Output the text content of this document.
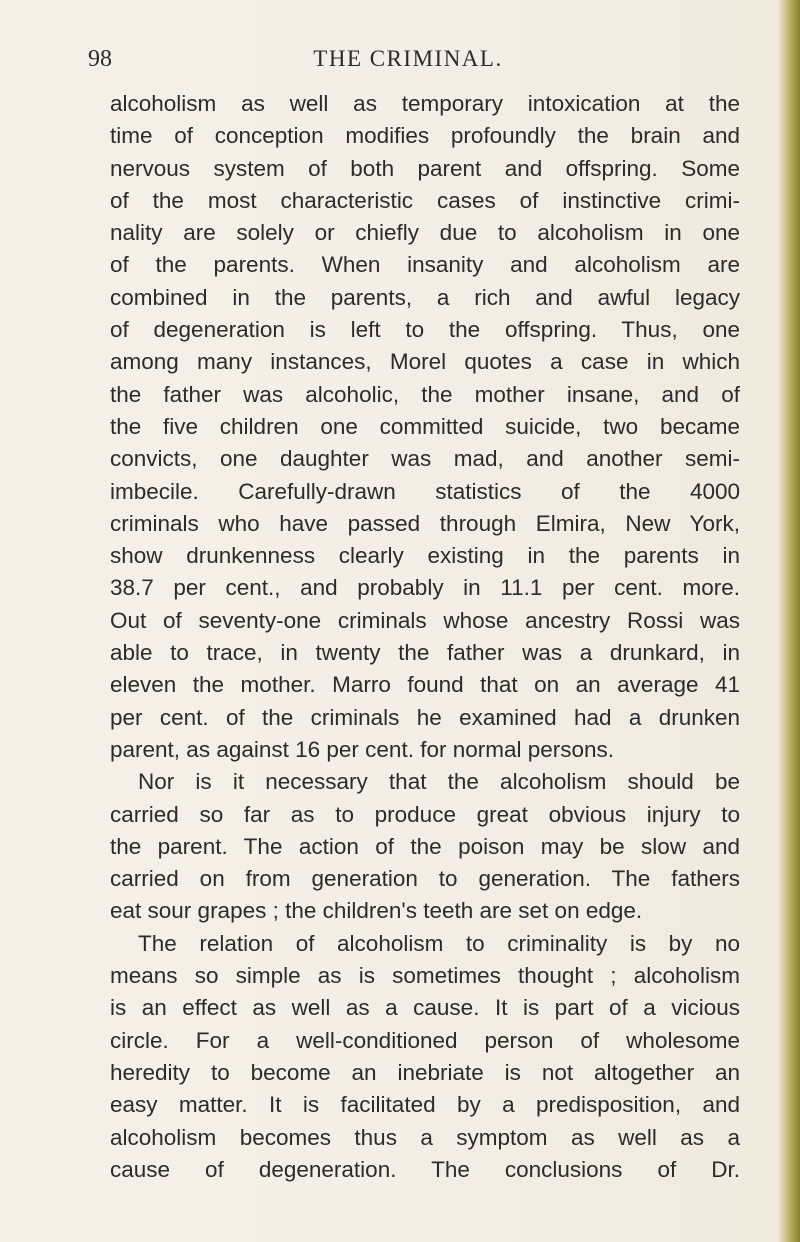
98	THE CRIMINAL.
alcoholism as well as temporary intoxication at the
time of conception modifies profoundly the brain and
nervous system of both parent and offspring. Some
of the most characteristic cases of instinctive crimi-
nality are solely or chiefly due to alcoholism in one
of the parents. When insanity and alcoholism are
combined in the parents, a rich and awful legacy
of degeneration is left to the offspring. Thus, one
among many instances, Morel quotes a case in which
the father was alcoholic, the mother insane, and of
the five children one committed suicide, two became
convicts, one daughter was mad, and another semi-
imbecile. Carefully-drawn statistics of the 4000
criminals who have passed through Elmira, New York,
show drunkenness clearly existing in the parents in
38.7 per cent., and probably in 11.1 per cent. more.
Out of seventy-one criminals whose ancestry Rossi was
able to trace, in twenty the father was a drunkard, in
eleven the mother. Marro found that on an average 41
per cent. of the criminals he examined had a drunken
parent, as against 16 per cent. for normal persons.
Nor is it necessary that the alcoholism should be
carried so far as to produce great obvious injury to
the parent. The action of the poison may be slow and
carried on from generation to generation. The fathers
eat sour grapes ; the children's teeth are set on edge.
The relation of alcoholism to criminality is by no
means so simple as is sometimes thought ; alcoholism
is an effect as well as a cause. It is part of a vicious
circle. For a well-conditioned person of wholesome
heredity to become an inebriate is not altogether an
easy matter. It is facilitated by a predisposition, and
alcoholism becomes thus a symptom as well as a
cause of degeneration. The conclusions of Dr.
